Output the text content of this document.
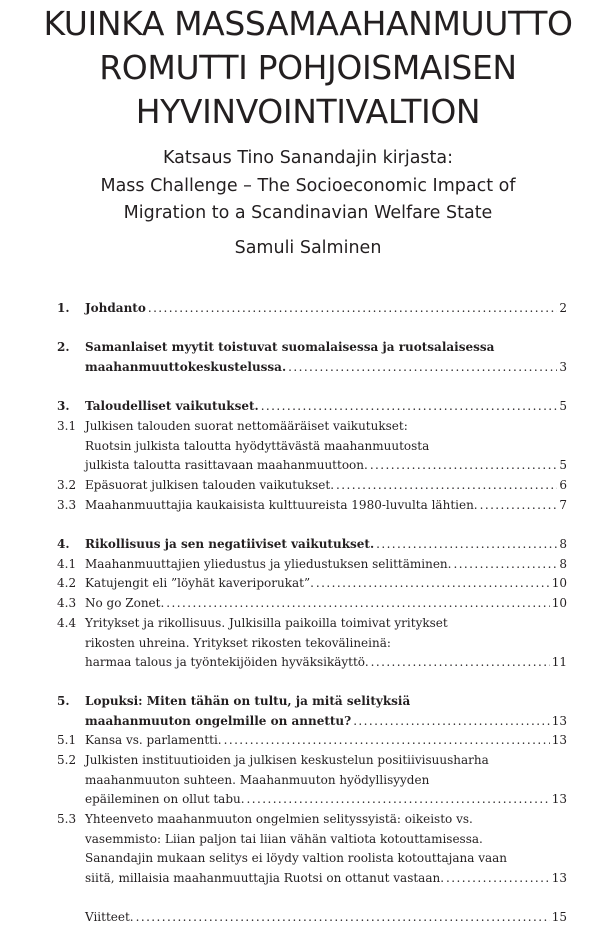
KUINKA MASSAMAAHANMUUTTO
ROMUTTI POHJOISMAISEN
HYVINVOINTIVALTION
Katsaus Tino Sanandajin kirjasta:
Mass Challenge – The Socioeconomic Impact of
Migration to a Scandinavian Welfare State

Samuli Salminen

1.	Johdanto . . .	2
2.	Samanlaiset myytit toistuvat suomalaisessa ja ruotsalaisessa
maahanmuuttokeskustelussa. . . .	3
3.	Taloudelliset vaikutukset. . . .	5
3.1 Julkisen talouden suorat nettomääräiset vaikutukset:
Ruotsin julkista taloutta hyödyttävästä maahanmuutosta
julkista taloutta rasittavaan maahanmuuttoon. . . .	5
3.2 Epäsuorat julkisen talouden vaikutukset. . . .	6
3.3 Maahanmuuttajia kaukaisista kulttuureista 1980-luvulta lähtien. . . .	7
4.	Rikollisuus ja sen negatiiviset vaikutukset. . . .	8
4.1 Maahanmuuttajien yliedustus ja yliedustuksen selittäminen. . . .	8
4.2 Katujengit eli ”löyhät kaveriporukat”. . . .	10
4.3 No go Zonet. . . .	10
4.4 Yritykset ja rikollisuus. Julkisilla paikoilla toimivat yritykset
rikosten uhreina. Yritykset rikosten tekovälineinä:
harmaa talous ja työntekijöiden hyväksikäyttö. . . .	11
5.	Lopuksi: Miten tähän on tultu, ja mitä selityksiä
maahanmuuton ongelmille on annettu? . . .	13
5.1 Kansa vs. parlamentti. . . .	13
5.2 Julkisten instituutioiden ja julkisen keskustelun positiivisuusharha
maahanmuuton suhteen. Maahanmuuton hyödyllisyyden
epäileminen on ollut tabu. . . .	13
5.3 Yhteenveto maahanmuuton ongelmien selityssyistä: oikeisto vs.
vasemmisto: Liian paljon tai liian vähän valtiota kotouttamisessa.
Sanandajin mukaan selitys ei löydy valtion roolista kotouttajana vaan
siitä, millaisia maahanmuuttajia Ruotsi on ottanut vastaan. . . .	13
Viitteet. . . .	15
